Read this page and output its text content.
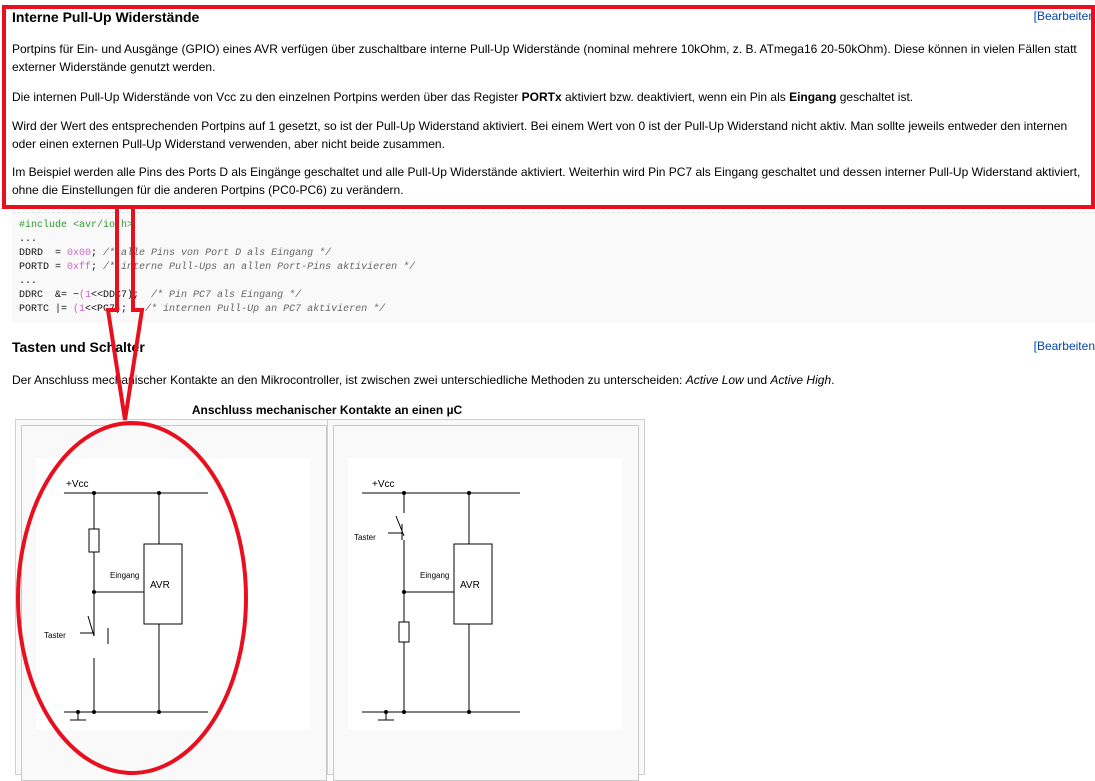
Interne Pull-Up Widerstände	[Bearbeiten

Portpins für Ein- und Ausgänge (GPIO) eines AVR verfügen über zuschaltbare interne Pull-Up Widerstände (nominal mehrere 10kOhm, z. B. ATmega16 20-50kOhm). Diese können in vielen Fällen statt externer Widerstände genutzt werden.

Die internen Pull-Up Widerstände von Vcc zu den einzelnen Portpins werden über das Register PORTx aktiviert bzw. deaktiviert, wenn ein Pin als Eingang geschaltet ist.

Wird der Wert des entsprechenden Portpins auf 1 gesetzt, so ist der Pull-Up Widerstand aktiviert. Bei einem Wert von 0 ist der Pull-Up Widerstand nicht aktiv. Man sollte jeweils entweder den internen oder einen externen Pull-Up Widerstand verwenden, aber nicht beide zusammen.

Im Beispiel werden alle Pins des Ports D als Eingänge geschaltet und alle Pull-Up Widerstände aktiviert. Weiterhin wird Pin PC7 als Eingang geschaltet und dessen interner Pull-Up Widerstand aktiviert, ohne die Einstellungen für die anderen Portpins (PC0-PC6) zu verändern.

#include <avr/io.h>
...
DDRD  = 0x00; /* alle Pins von Port D als Eingang */
PORTD = 0xff; /* interne Pull-Ups an allen Port-Pins aktivieren */
...
DDRC  &= ~(1<<DDC7);  /* Pin PC7 als Eingang */
PORTC |= (1<<PC7);   /* internen Pull-Up an PC7 aktivieren */
Tasten und Schalter	[Bearbeiten

Der Anschluss mechanischer Kontakte an den Mikrocontroller, ist zwischen zwei unterschiedliche Methoden zu unterscheiden: Active Low und Active High.

Anschluss mechanischer Kontakte an einen µC
+Vcc
Eingang
AVR
Taster
+Vcc
Eingang
AVR
Taster
